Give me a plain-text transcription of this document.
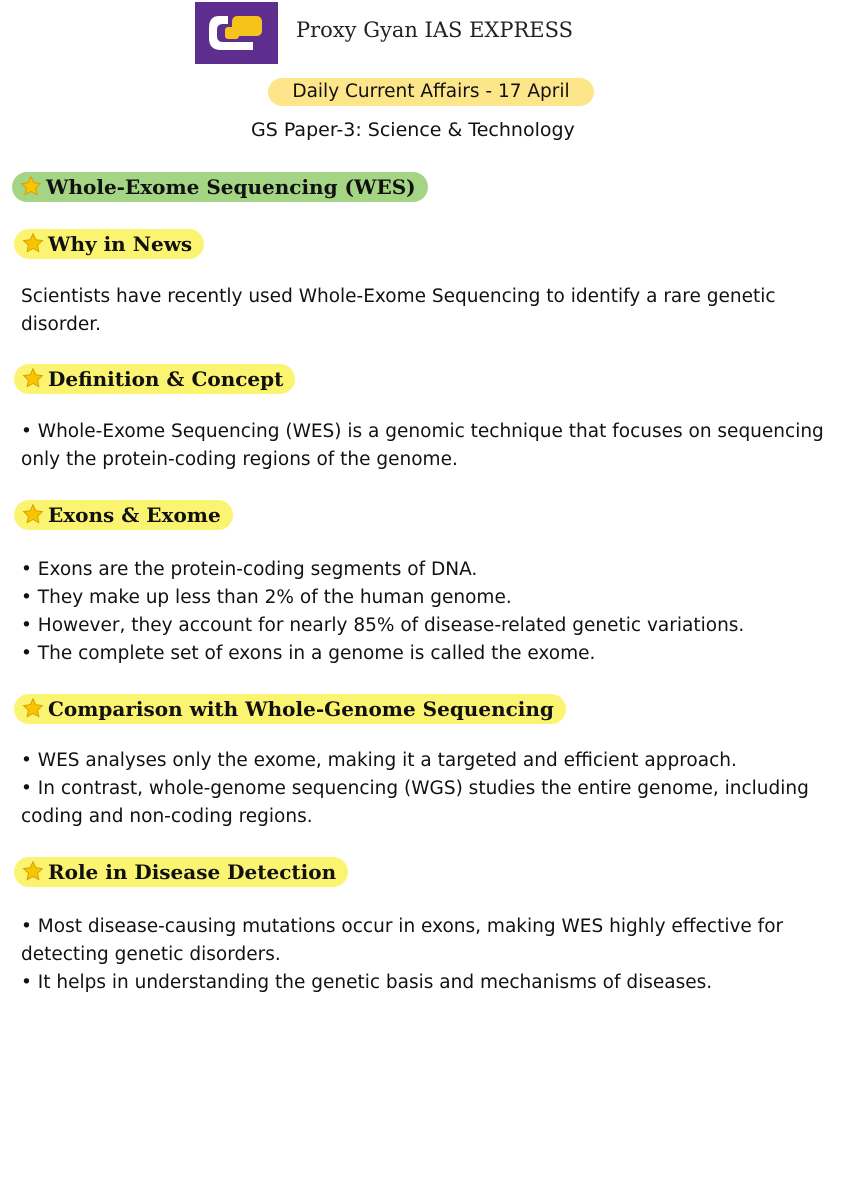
Proxy Gyan IAS EXPRESS
Daily Current Affairs - 17 April
GS Paper-3: Science & Technology
Whole-Exome Sequencing (WES)
Why in News

Scientists have recently used Whole-Exome Sequencing to identify a rare genetic disorder.

Definition & Concept

• Whole-Exome Sequencing (WES) is a genomic technique that focuses on sequencing only the protein-coding regions of the genome.

Exons & Exome

• Exons are the protein-coding segments of DNA.

• They make up less than 2% of the human genome.

• However, they account for nearly 85% of disease-related genetic variations.

• The complete set of exons in a genome is called the exome.

Comparison with Whole-Genome Sequencing

• WES analyses only the exome, making it a targeted and efficient approach.

• In contrast, whole-genome sequencing (WGS) studies the entire genome, including coding and non-coding regions.

Role in Disease Detection

• Most disease-causing mutations occur in exons, making WES highly effective for detecting genetic disorders.

• It helps in understanding the genetic basis and mechanisms of diseases.
